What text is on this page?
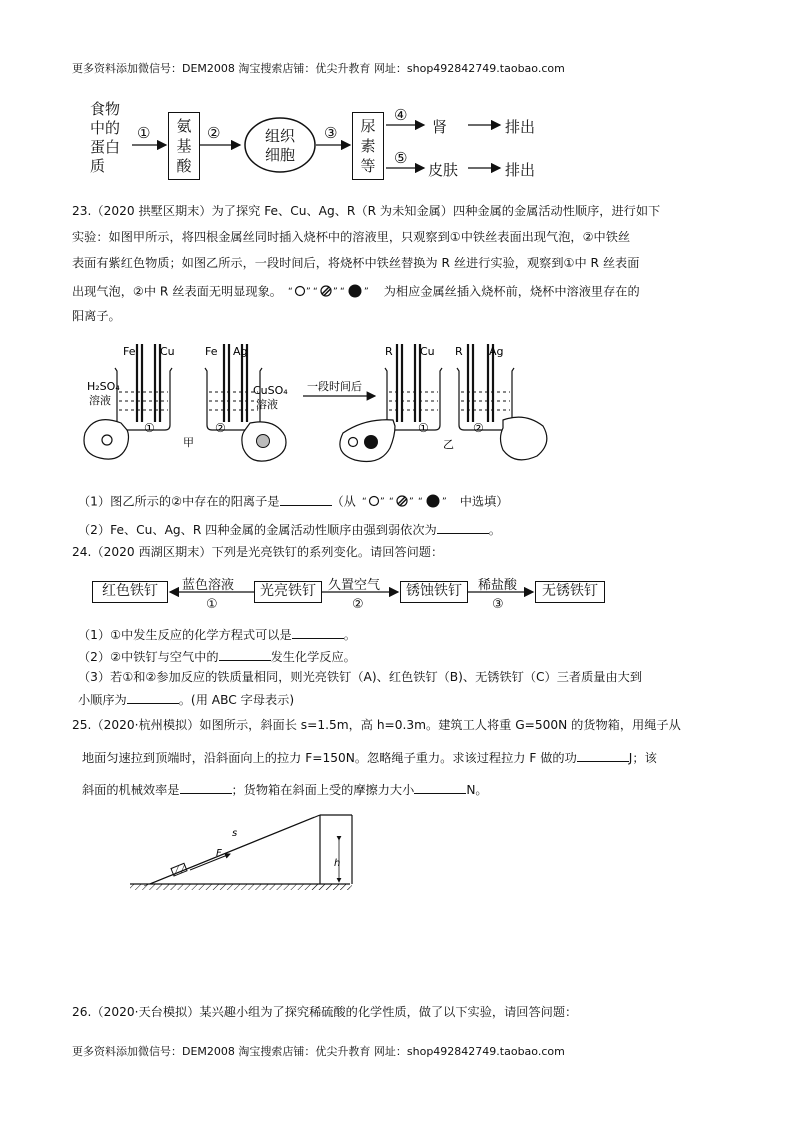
更多资料添加微信号：DEM2008 淘宝搜索店铺：优尖升教育 网址：shop492842749.taobao.com
食物
中的
蛋白
质
①	氨
基
酸
②	组织
细胞
③	尿
素
等
④
⑤
肾
皮肤
排出
排出
23.（2020 拱墅区期末）为了探究 Fe、Cu、Ag、R（R 为未知金属）四种金属的金属活动性顺序，进行如下
实验：如图甲所示，将四根金属丝同时插入烧杯中的溶液里，只观察到①中铁丝表面出现气泡，②中铁丝
表面有紫红色物质；如图乙所示，一段时间后，将烧杯中铁丝替换为 R 丝进行实验，观察到①中 R 丝表面
出现气泡，②中 R 丝表面无明显现象。 “ ” “ ” “ ” 为相应金属丝插入烧杯前，烧杯中溶液里存在的
阳离子。
Fe Cu	Fe Ag	R Cu R Ag
H₂SO₄
溶液
CuSO₄
溶液
一段时间后
①	②	①	②
甲	乙
（1）图乙所示的②中存在的阳离子是	（从 “ ” “ ” “ ” 中选填）
（2）Fe、Cu、Ag、R 四种金属的金属活动性顺序由强到弱依次为	。
24.（2020 西湖区期末）下列是光亮铁钉的系列变化。请回答问题：
红色铁钉	光亮铁钉	锈蚀铁钉	无锈铁钉
蓝色溶液	久置空气	稀盐酸
①	②	③
（1）①中发生反应的化学方程式可以是	。
（2）②中铁钉与空气中的	发生化学反应。
（3）若①和②参加反应的铁质量相同，则光亮铁钉（A)、红色铁钉（B)、无锈铁钉（C）三者质量由大到
小顺序为	。(用 ABC 字母表示)
25.（2020·杭州模拟）如图所示，斜面长 s=1.5m，高 h=0.3m。建筑工人将重 G=500N 的货物箱，用绳子从
地面匀速拉到顶端时，沿斜面向上的拉力 F=150N。忽略绳子重力。求该过程拉力 F 做的功	J；该
斜面的机械效率是	；货物箱在斜面上受的摩擦力大小	N。
s
F
h
26.（2020·天台模拟）某兴趣小组为了探究稀硫酸的化学性质，做了以下实验，请回答问题：
更多资料添加微信号：DEM2008 淘宝搜索店铺：优尖升教育 网址：shop492842749.taobao.com
